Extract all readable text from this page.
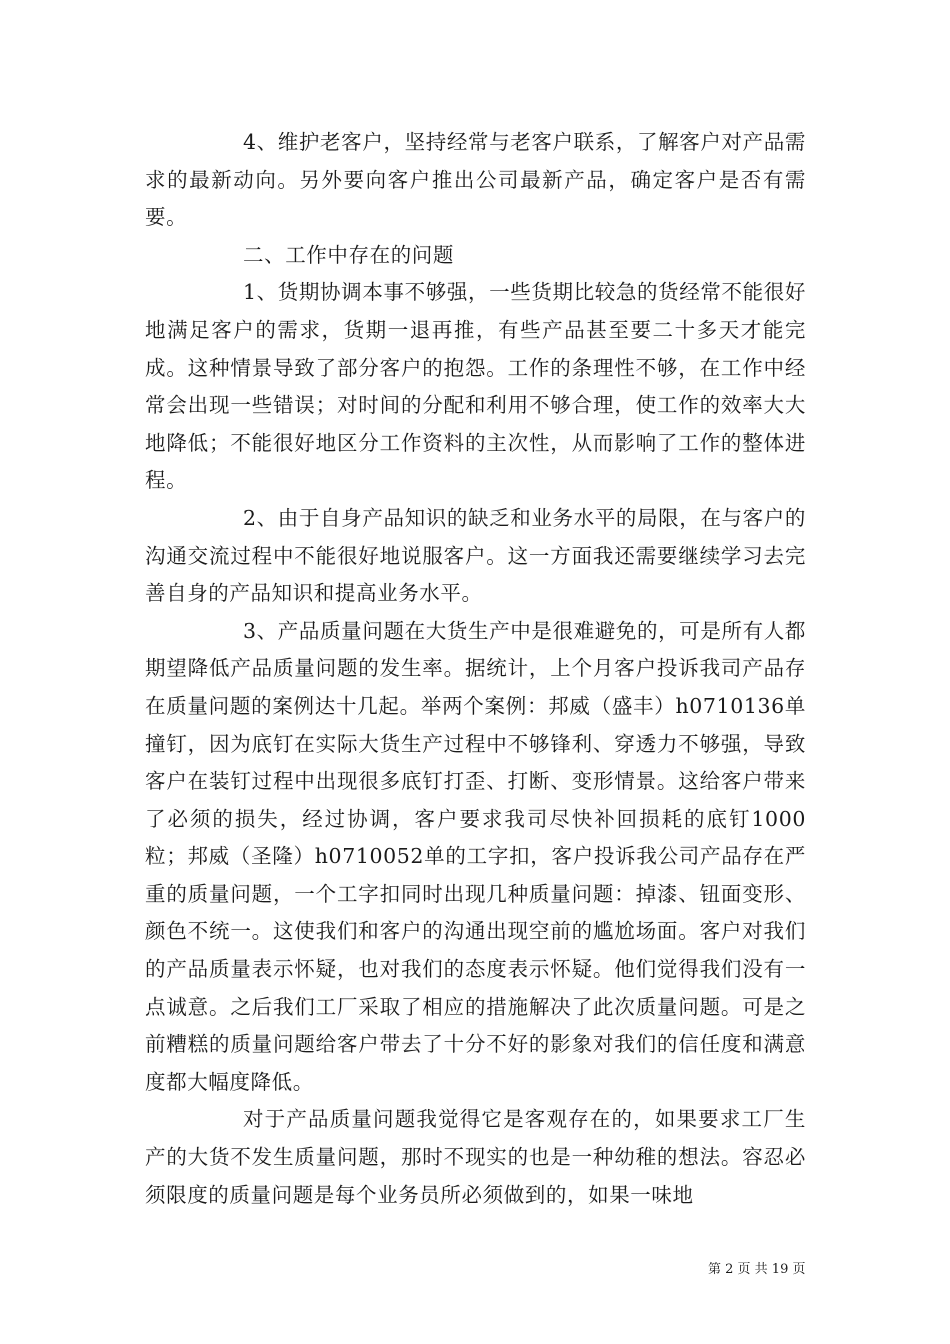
4、维护老客户，坚持经常与老客户联系，了解客户对产品需求的最新动向。另外要向客户推出公司最新产品，确定客户是否有需要。

二、工作中存在的问题

1、货期协调本事不够强，一些货期比较急的货经常不能很好地满足客户的需求，货期一退再推，有些产品甚至要二十多天才能完成。这种情景导致了部分客户的抱怨。工作的条理性不够，在工作中经常会出现一些错误；对时间的分配和利用不够合理，使工作的效率大大地降低；不能很好地区分工作资料的主次性，从而影响了工作的整体进程。

2、由于自身产品知识的缺乏和业务水平的局限，在与客户的沟通交流过程中不能很好地说服客户。这一方面我还需要继续学习去完善自身的产品知识和提高业务水平。

3、产品质量问题在大货生产中是很难避免的，可是所有人都期望降低产品质量问题的发生率。据统计，上个月客户投诉我司产品存在质量问题的案例达十几起。举两个案例：邦威（盛丰）h0710136单撞钉，因为底钉在实际大货生产过程中不够锋利、穿透力不够强，导致客户在装钉过程中出现很多底钉打歪、打断、变形情景。这给客户带来了必须的损失，经过协调，客户要求我司尽快补回损耗的底钉1000粒；邦威（圣隆）h0710052单的工字扣，客户投诉我公司产品存在严重的质量问题，一个工字扣同时出现几种质量问题：掉漆、钮面变形、颜色不统一。这使我们和客户的沟通出现空前的尴尬场面。客户对我们的产品质量表示怀疑，也对我们的态度表示怀疑。他们觉得我们没有一点诚意。之后我们工厂采取了相应的措施解决了此次质量问题。可是之前糟糕的质量问题给客户带去了十分不好的影象对我们的信任度和满意度都大幅度降低。

对于产品质量问题我觉得它是客观存在的，如果要求工厂生产的大货不发生质量问题，那时不现实的也是一种幼稚的想法。容忍必须限度的质量问题是每个业务员所必须做到的，如果一味地

第 2 页 共 19 页
